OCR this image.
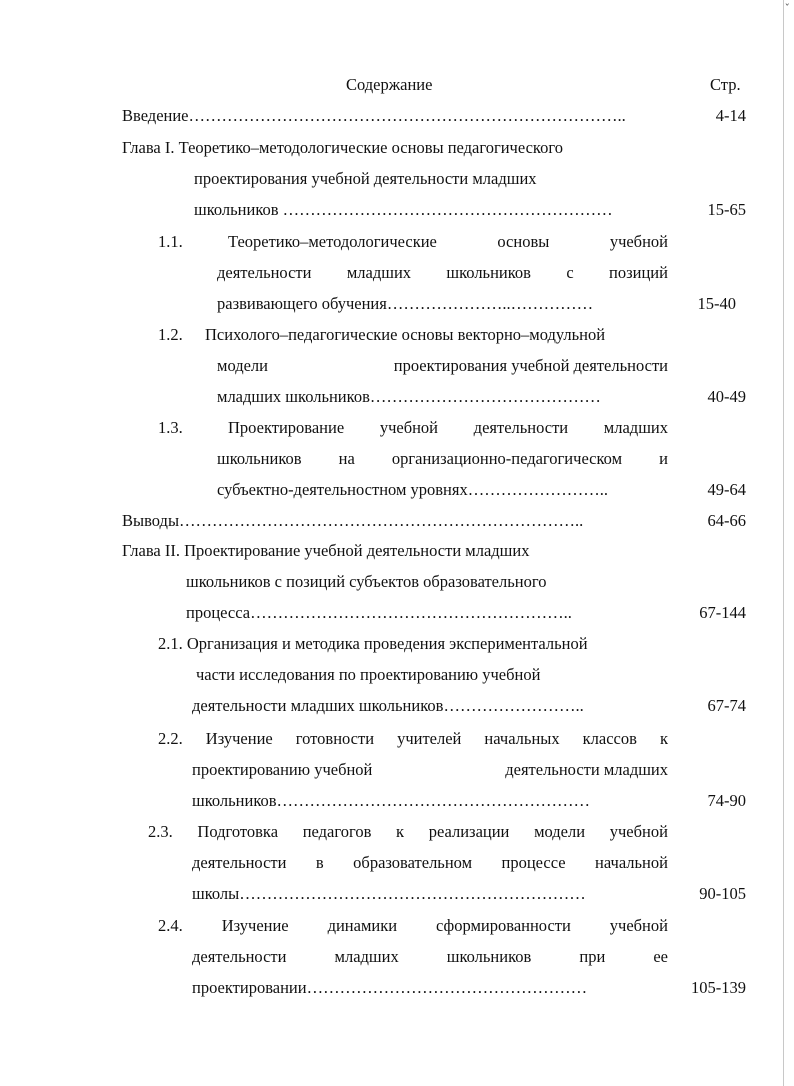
ˇ
Содержание	Стр.
Введение……………………………………………………………………..	4-14
Глава I. Теоретико–методологические основы педагогического
проектирования учебной деятельности младших
школьников ……………………………………………………	15-65
1.1.	Теоретико–методологические	основы	учебной
деятельности младших школьников с позиций
развивающего обучения…………………..……………	15-40
1.2. Психолого–педагогические основы векторно–модульной
модели	проектирования учебной деятельности
младших школьников……………………………………	40-49
1.3.	Проектирование учебной деятельности младших
школьников на организационно-педагогическом и
субъектно-деятельностном уровнях……………………..	49-64
Выводы………………………………………………………………..	64-66
Глава II. Проектирование учебной деятельности младших
школьников с позиций субъектов образовательного
процесса…………………………………………………..	67-144
2.1. Организация и методика проведения экспериментальной
части исследования по проектированию учебной
деятельности младших школьников……………………..	67-74
2.2. Изучение готовности учителей начальных классов к
проектированию учебной	деятельности младших
школьников…………………………………………………	74-90
2.3. Подготовка педагогов к реализации модели учебной
деятельности в образовательном процессе начальной
школы………………………………………………………	90-105
2.4. Изучение динамики сформированности учебной
деятельности	младших	школьников	при	ее
проектировании……………………………………………	105-139
